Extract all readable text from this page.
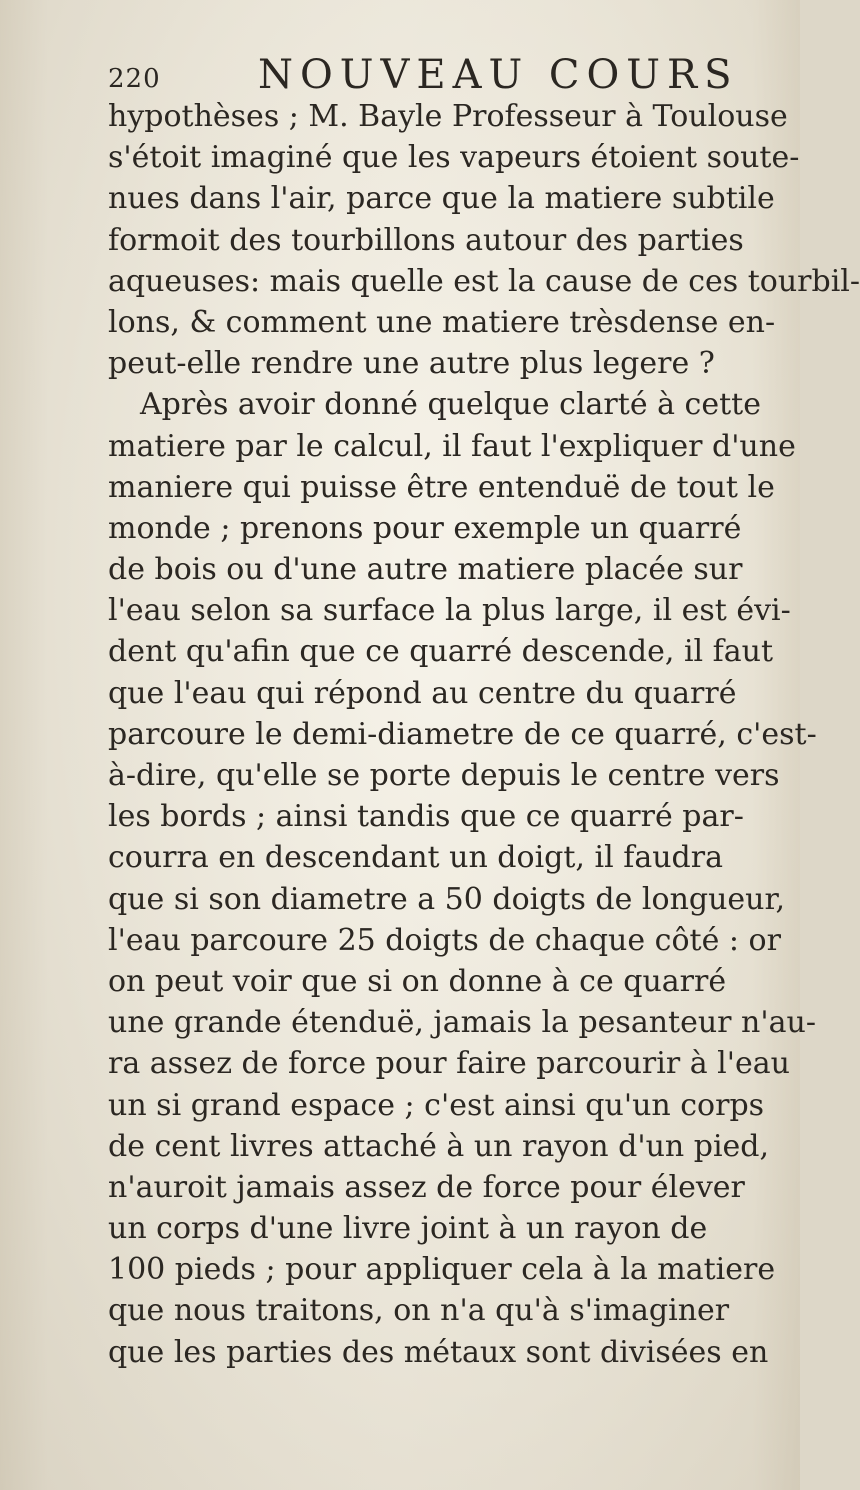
220 NOUVEAU COURS
hypothèses ; M. Bayle Professeur à Toulouse
s'étoit imaginé que les vapeurs étoient soute-
nues dans l'air, parce que la matiere subtile
formoit des tourbillons autour des parties
aqueuses: mais quelle est la cause de ces tourbil-
lons, & comment une matiere trèsdense en-
peut-elle rendre une autre plus legere ?
Après avoir donné quelque clarté à cette
matiere par le calcul, il faut l'expliquer d'une
maniere qui puisse être entenduë de tout le
monde ; prenons pour exemple un quarré
de bois ou d'une autre matiere placée sur
l'eau selon sa surface la plus large, il est évi-
dent qu'afin que ce quarré descende, il faut
que l'eau qui répond au centre du quarré
parcoure le demi-diametre de ce quarré, c'est-
à-dire, qu'elle se porte depuis le centre vers
les bords ; ainsi tandis que ce quarré par-
courra en descendant un doigt, il faudra
que si son diametre a 50 doigts de longueur,
l'eau parcoure 25 doigts de chaque côté : or
on peut voir que si on donne à ce quarré
une grande étenduë, jamais la pesanteur n'au-
ra assez de force pour faire parcourir à l'eau
un si grand espace ; c'est ainsi qu'un corps
de cent livres attaché à un rayon d'un pied,
n'auroit jamais assez de force pour élever
un corps d'une livre joint à un rayon de
100 pieds ; pour appliquer cela à la matiere
que nous traitons, on n'a qu'à s'imaginer
que les parties des métaux sont divisées en
